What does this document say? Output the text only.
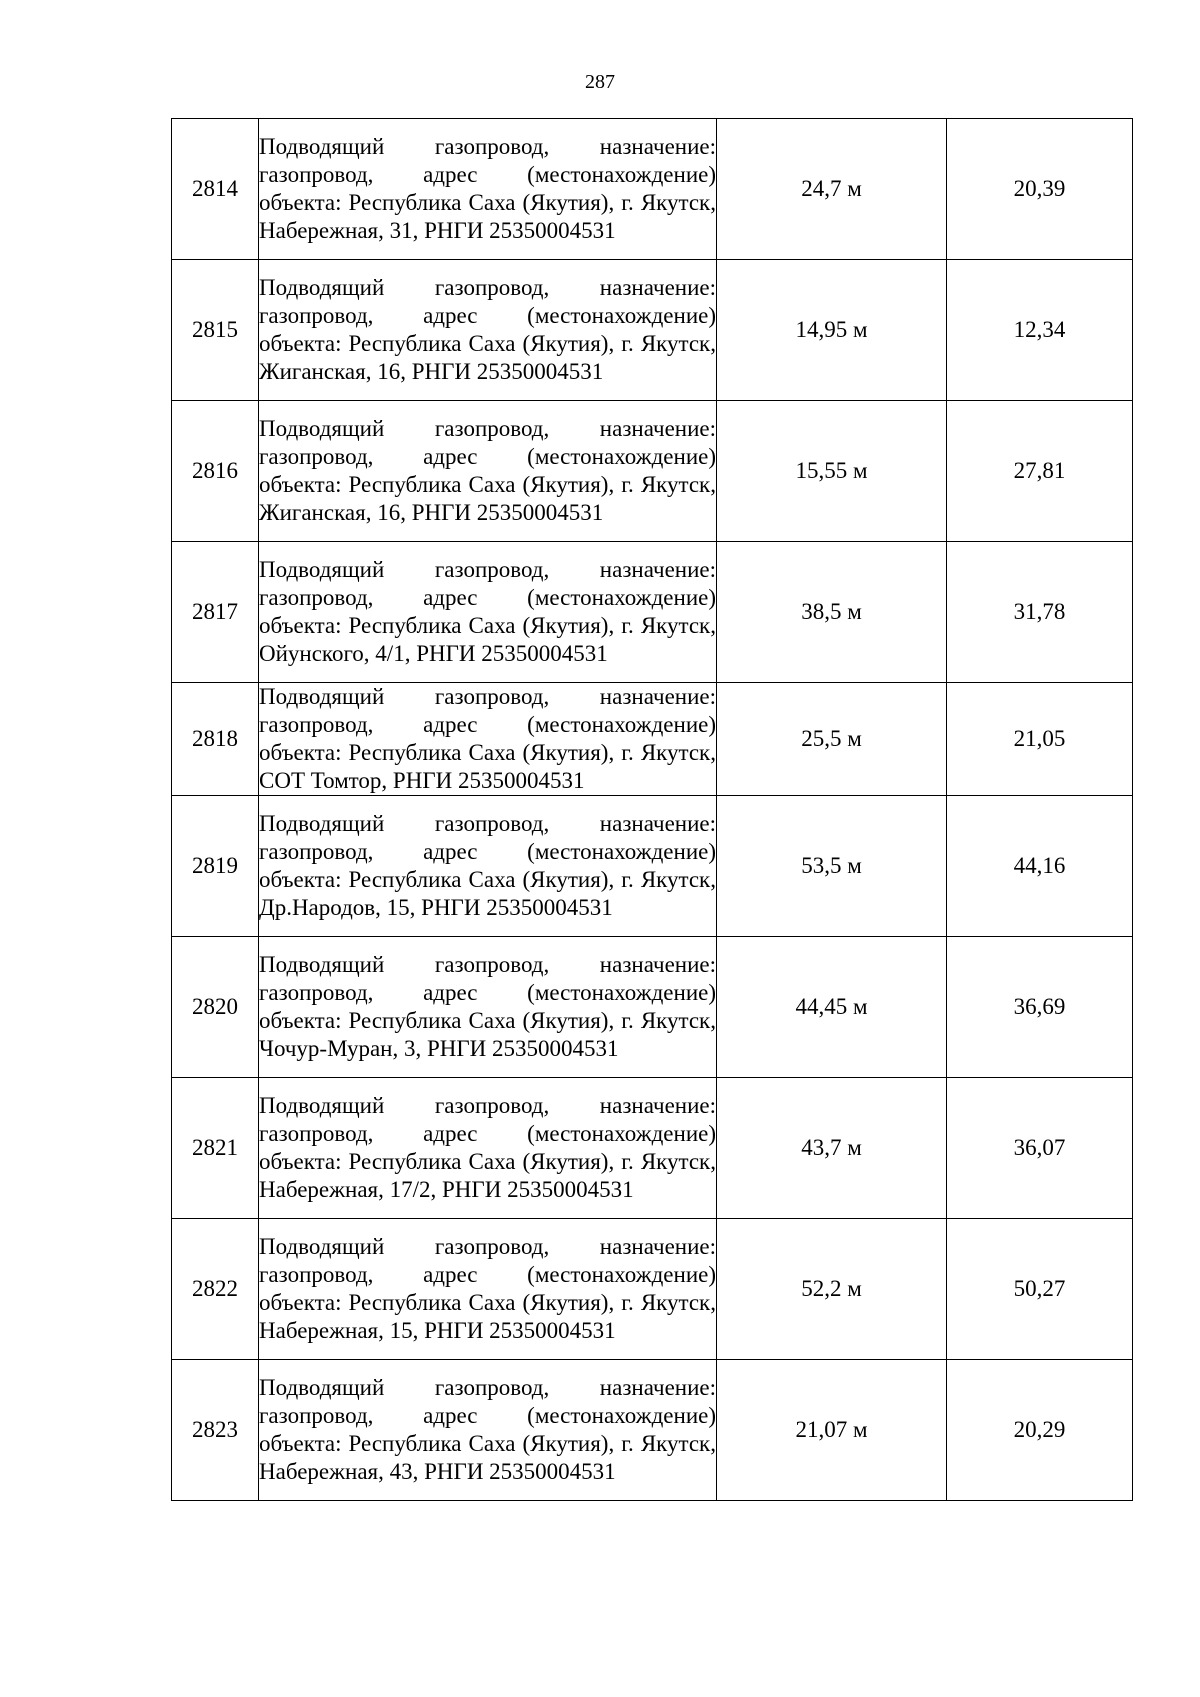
287
2814	Подводящий газопровод, назначение: газопровод, адрес (местонахождение) объекта: Республика Саха (Якутия), г. Якутск, Набережная, 31, РНГИ 25350004531	24,7 м	20,39
2815	Подводящий газопровод, назначение: газопровод, адрес (местонахождение) объекта: Республика Саха (Якутия), г. Якутск, Жиганская, 16, РНГИ 25350004531	14,95 м	12,34
2816	Подводящий газопровод, назначение: газопровод, адрес (местонахождение) объекта: Республика Саха (Якутия), г. Якутск, Жиганская, 16, РНГИ 25350004531	15,55 м	27,81
2817	Подводящий газопровод, назначение: газопровод, адрес (местонахождение) объекта: Республика Саха (Якутия), г. Якутск, Ойунского, 4/1, РНГИ 25350004531	38,5 м	31,78
2818	Подводящий газопровод, назначение: газопровод, адрес (местонахождение) объекта: Республика Саха (Якутия), г. Якутск, СОТ Томтор, РНГИ 25350004531	25,5 м	21,05
2819	Подводящий газопровод, назначение: газопровод, адрес (местонахождение) объекта: Республика Саха (Якутия), г. Якутск, Др.Народов, 15, РНГИ 25350004531	53,5 м	44,16
2820	Подводящий газопровод, назначение: газопровод, адрес (местонахождение) объекта: Республика Саха (Якутия), г. Якутск, Чочур-Муран, 3, РНГИ 25350004531	44,45 м	36,69
2821	Подводящий газопровод, назначение: газопровод, адрес (местонахождение) объекта: Республика Саха (Якутия), г. Якутск, Набережная, 17/2, РНГИ 25350004531	43,7 м	36,07
2822	Подводящий газопровод, назначение: газопровод, адрес (местонахождение) объекта: Республика Саха (Якутия), г. Якутск, Набережная, 15, РНГИ 25350004531	52,2 м	50,27
2823	Подводящий газопровод, назначение: газопровод, адрес (местонахождение) объекта: Республика Саха (Якутия), г. Якутск, Набережная, 43, РНГИ 25350004531	21,07 м	20,29
